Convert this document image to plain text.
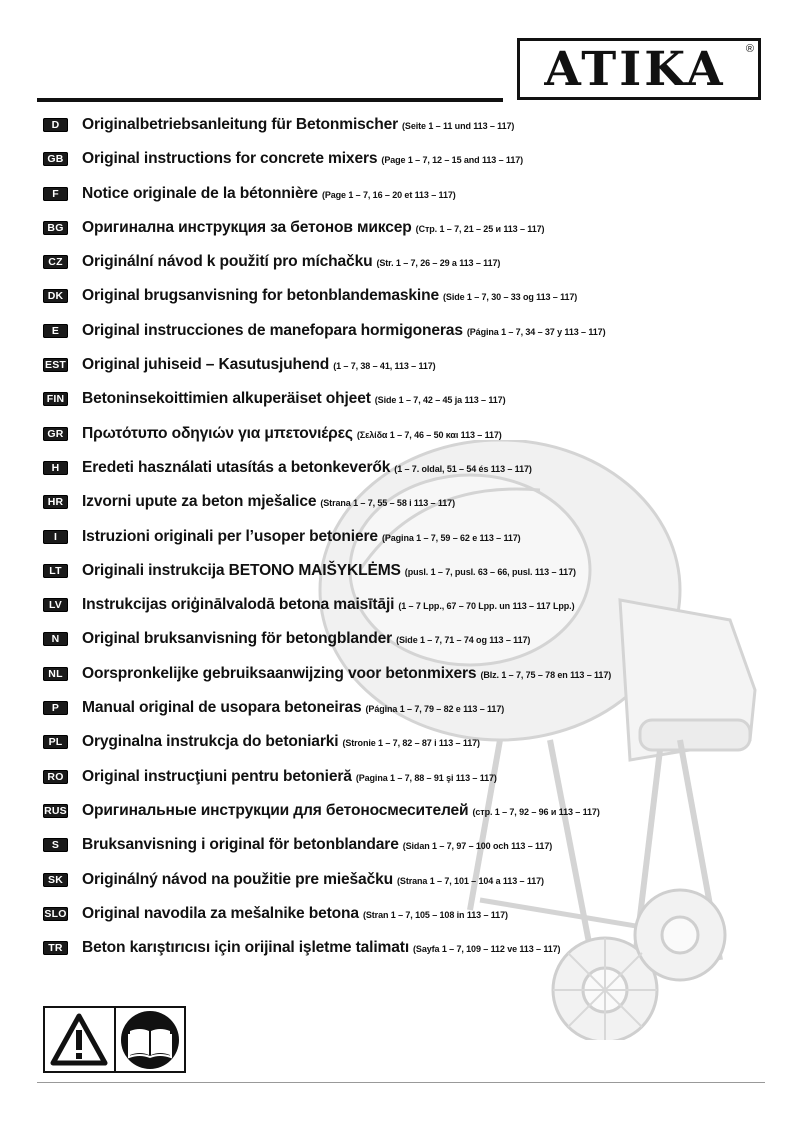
ATIKA	®
D	Originalbetriebsanleitung für Betonmischer (Seite 1 – 11 und 113 – 117)
GB Original instructions for concrete mixers (Page 1 – 7, 12 – 15 and 113 – 117)
F	Notice originale de la bétonnière (Page 1 – 7, 16 – 20 et 113 – 117)
BG Оригинална инструкция за бетонов миксер (Стр. 1 – 7, 21 – 25 и 113 – 117)
CZ	Originální návod k použití pro míchačku (Str. 1 – 7, 26 – 29 a 113 – 117)
DK	Original brugsanvisning for betonblandemaskine (Side 1 – 7, 30 – 33 og 113 – 117)
E	Original instrucciones de manefopara hormigoneras (Página 1 – 7, 34 – 37 y 113 – 117)
EST Original juhiseid – Kasutusjuhend (1 – 7, 38 – 41, 113 – 117)
FIN Betoninsekoittimien alkuperäiset ohjeet (Side 1 – 7, 42 – 45 ja 113 – 117)
GR Πρωτότυπο οδηγιών για μπετονιέρες (Σελίδα 1 – 7, 46 – 50 και 113 – 117)
H	Eredeti használati utasítás a betonkeverők (1 – 7. oldal, 51 – 54 és 113 – 117)
HR	Izvorni upute za beton mješalice (Strana 1 – 7, 55 – 58 i 113 – 117)
I	Istruzioni originali per l’usoper betoniere (Pagina 1 – 7, 59 – 62 e 113 – 117)
LT	Originali instrukcija BETONO MAIŠYKLĖMS (pusl. 1 – 7, pusl. 63 – 66, pusl. 113 – 117)
LV	Instrukcijas oriģinālvalodā betona maisītāji (1 – 7 Lpp., 67 – 70 Lpp. un 113 – 117 Lpp.)
N	Original bruksanvisning för betongblander (Side 1 – 7, 71 – 74 og 113 – 117)
NL	Oorspronkelijke gebruiksaanwijzing voor betonmixers (Blz. 1 – 7, 75 – 78 en 113 – 117)
P	Manual original de usopara betoneiras (Página 1 – 7, 79 – 82 e 113 – 117)
PL	Oryginalna instrukcja do betoniarki (Stronie 1 – 7, 82 – 87 i 113 – 117)
RO Original instrucţiuni pentru betonieră (Pagina 1 – 7, 88 – 91 şi 113 – 117)
RUS Оригинальные инструкции для бетоносмесителей (стр. 1 – 7, 92 – 96 и 113 – 117)
S	Bruksanvisning i original för betonblandare (Sidan 1 – 7, 97 – 100 och 113 – 117)
SK	Originálný návod na použitie pre miešačku (Strana 1 – 7, 101 – 104 a 113 – 117)
SLO Original navodila za mešalnike betona (Stran 1 – 7, 105 – 108 in 113 – 117)
TR	Beton karıştırıcısı için orijinal işletme talimatı (Sayfa 1 – 7, 109 – 112 ve 113 – 117)
